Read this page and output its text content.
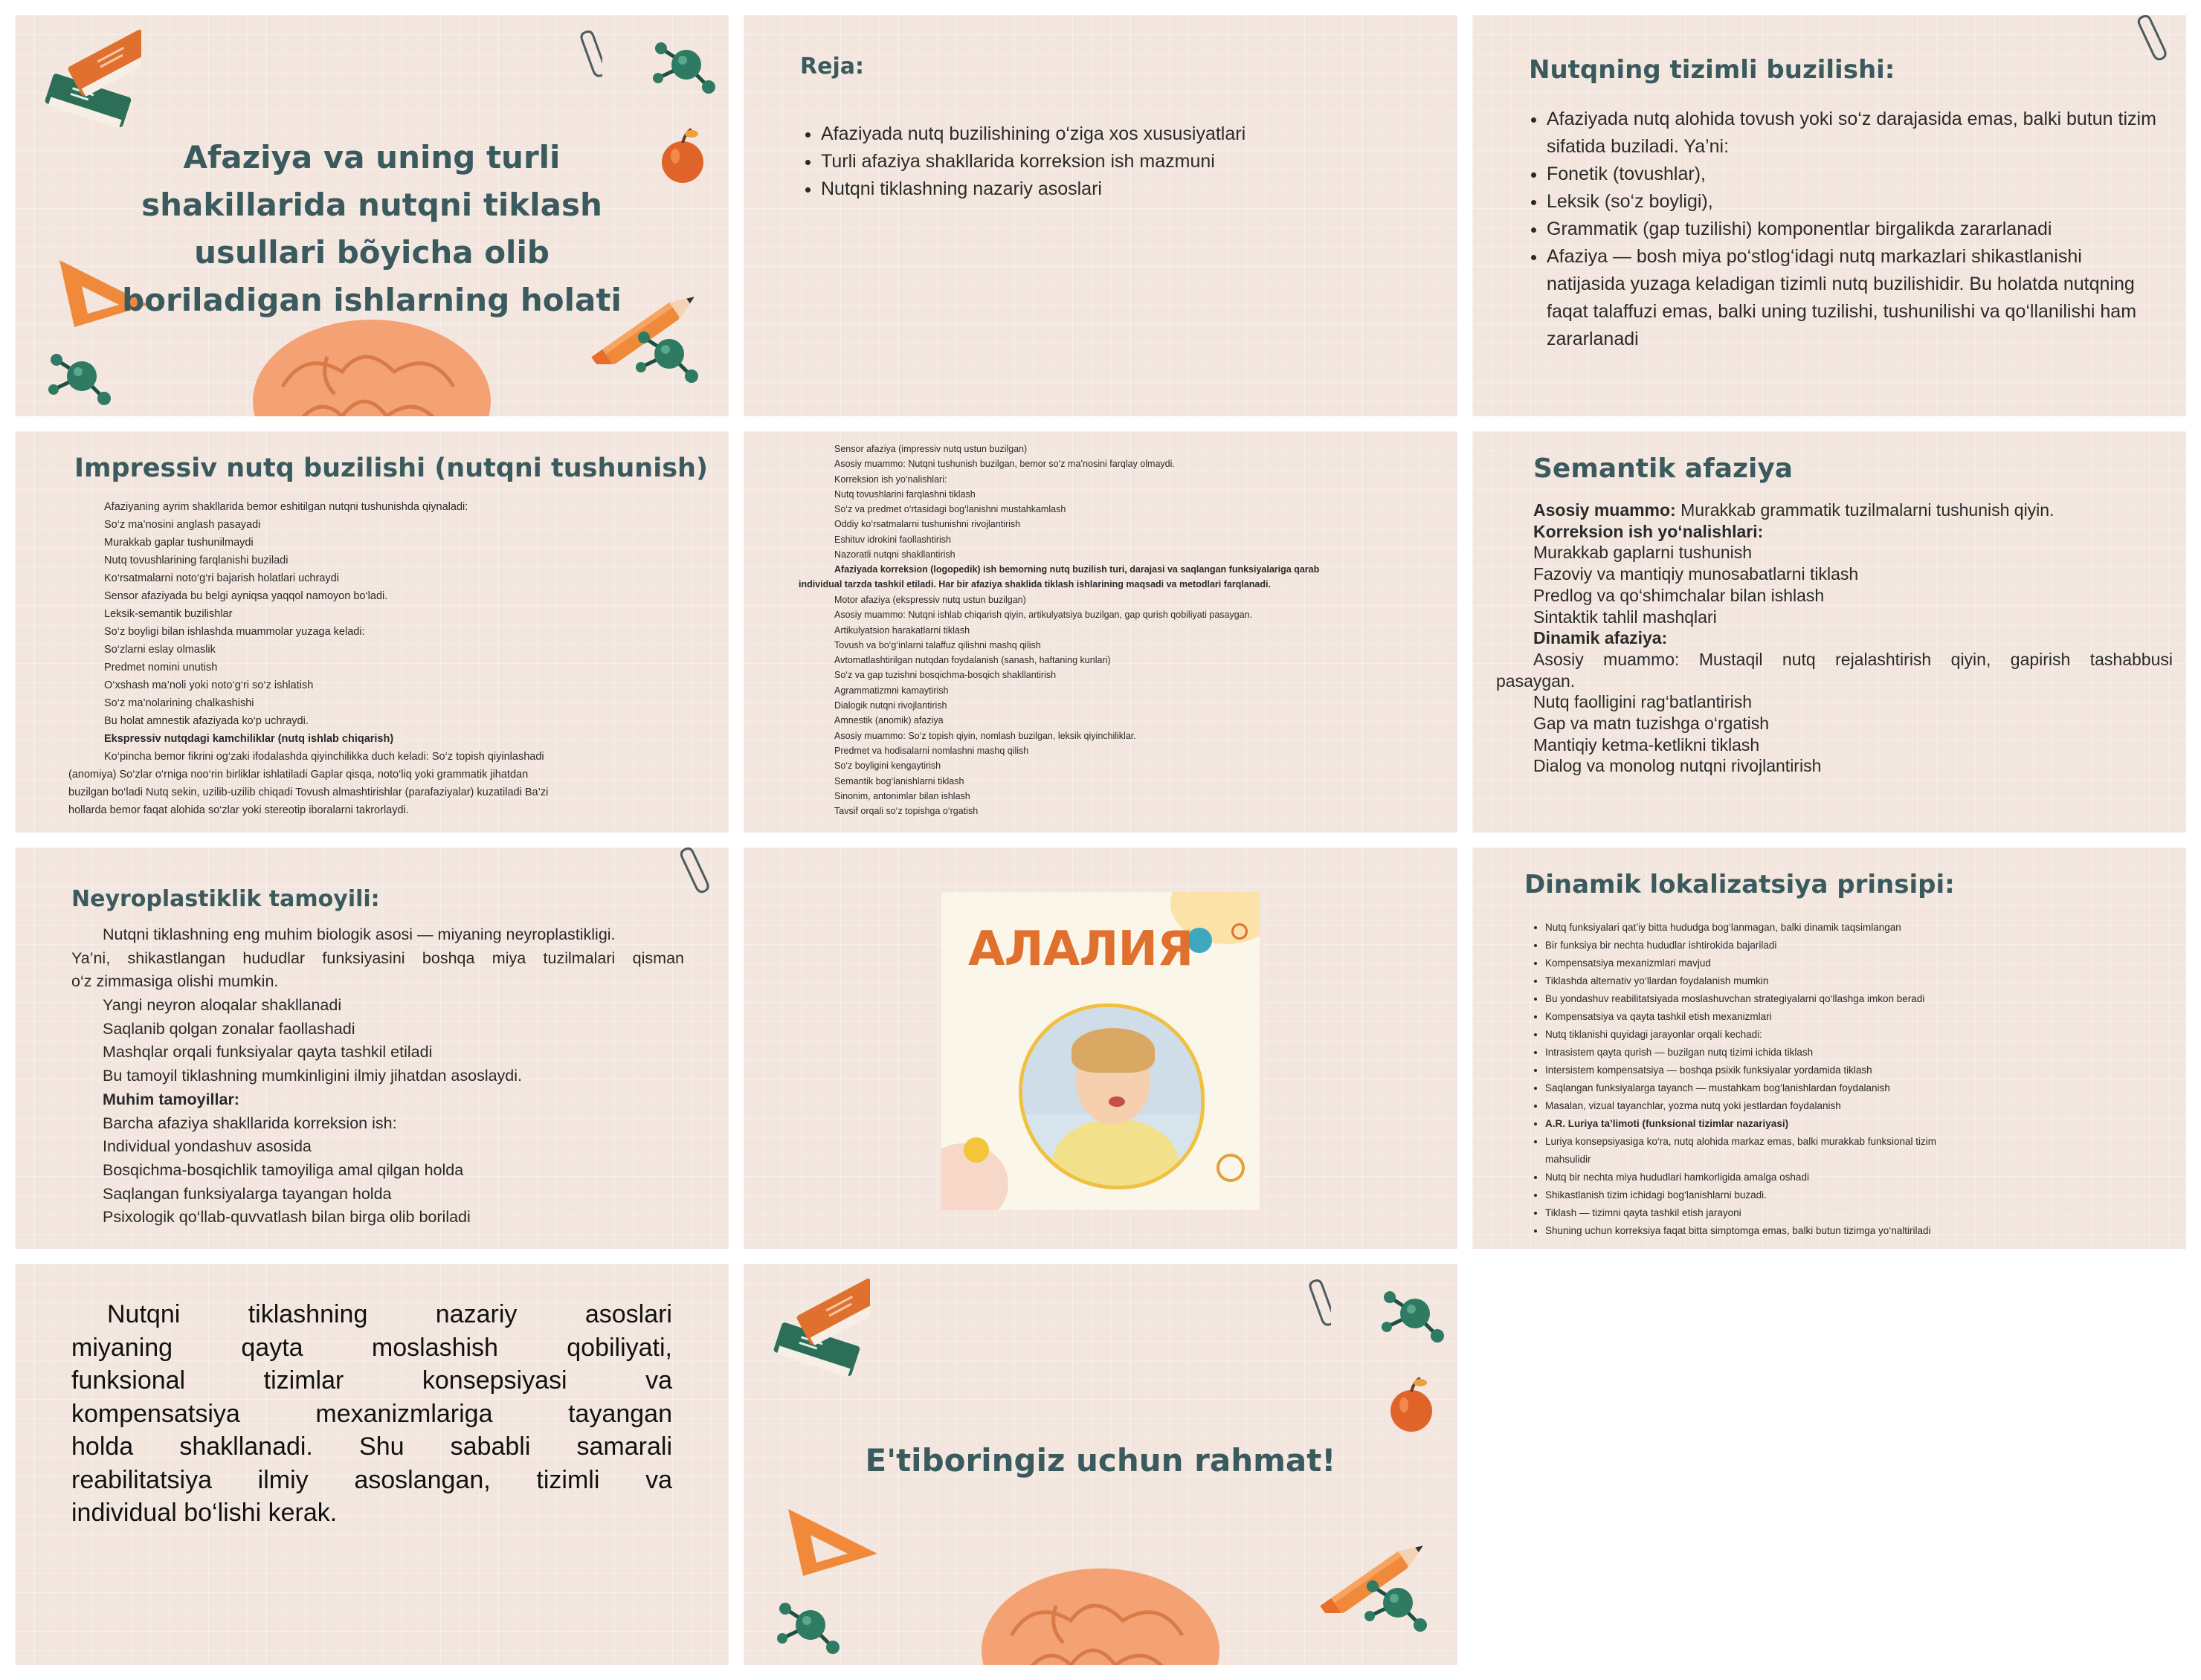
Afaziya va uning turli
shakillarida nutqni tiklash
usullari bõyicha olib
boriladigan ishlarning holati
Reja:
• Afaziyada nutq buzilishining o‘ziga xos xususiyatlari
• Turli afaziya shakllarida korreksion ish mazmuni
• Nutqni tiklashning nazariy asoslari
Nutqning tizimli buzilishi:
• Afaziyada nutq alohida tovush yoki so‘z darajasida emas, balki butun tizim sifatida buziladi. Ya’ni:
• Fonetik (tovushlar),
• Leksik (so‘z boyligi),
• Grammatik (gap tuzilishi) komponentlar birgalikda zararlanadi
• Afaziya — bosh miya po‘stlog‘idagi nutq markazlari shikastlanishi natijasida yuzaga keladigan tizimli nutq buzilishidir. Bu holatda nutqning faqat talaffuzi emas, balki uning tuzilishi, tushunilishi va qo‘llanilishi ham zararlanadi
Impressiv nutq buzilishi (nutqni tushunish)
Afaziyaning ayrim shakllarida bemor eshitilgan nutqni tushunishda qiynaladi:
So‘z ma’nosini anglash pasayadi
Murakkab gaplar tushunilmaydi
Nutq tovushlarining farqlanishi buziladi
Ko‘rsatmalarni noto‘g‘ri bajarish holatlari uchraydi
Sensor afaziyada bu belgi ayniqsa yaqqol namoyon bo‘ladi.
Leksik-semantik buzilishlar
So‘z boyligi bilan ishlashda muammolar yuzaga keladi:
So‘zlarni eslay olmaslik
Predmet nomini unutish
O‘xshash ma’noli yoki noto‘g‘ri so‘z ishlatish
So‘z ma’nolarining chalkashishi
Bu holat amnestik afaziyada ko‘p uchraydi.
Ekspressiv nutqdagi kamchiliklar (nutq ishlab chiqarish)
Ko‘pincha bemor fikrini og‘zaki ifodalashda qiyinchilikka duch keladi: So‘z topish qiyinlashadi
(anomiya) So‘zlar o‘rniga noo‘rin birliklar ishlatiladi Gaplar qisqa, noto‘liq yoki grammatik jihatdan
buzilgan bo‘ladi Nutq sekin, uzilib-uzilib chiqadi Tovush almashtirishlar (parafaziyalar) kuzatiladi Ba’zi
hollarda bemor faqat alohida so‘zlar yoki stereotip iboralarni takrorlaydi.
Sensor afaziya (impressiv nutq ustun buzilgan)
Asosiy muammo: Nutqni tushunish buzilgan, bemor so‘z ma’nosini farqlay olmaydi.
Korreksion ish yo‘nalishlari:
Nutq tovushlarini farqlashni tiklash
So‘z va predmet o‘rtasidagi bog‘lanishni mustahkamlash
Oddiy ko‘rsatmalarni tushunishni rivojlantirish
Eshituv idrokini faollashtirish
Nazoratli nutqni shakllantirish
Afaziyada korreksion (logopedik) ish bemorning nutq buzilish turi, darajasi va saqlangan funksiyalariga qarab
individual tarzda tashkil etiladi. Har bir afaziya shaklida tiklash ishlarining maqsadi va metodlari farqlanadi.
Motor afaziya (ekspressiv nutq ustun buzilgan)
Asosiy muammo: Nutqni ishlab chiqarish qiyin, artikulyatsiya buzilgan, gap qurish qobiliyati pasaygan.
Artikulyatsion harakatlarni tiklash
Tovush va bo‘g‘inlarni talaffuz qilishni mashq qilish
Avtomatlashtirilgan nutqdan foydalanish (sanash, haftaning kunlari)
So‘z va gap tuzishni bosqichma-bosqich shakllantirish
Agrammatizmni kamaytirish
Dialogik nutqni rivojlantirish
Amnestik (anomik) afaziya
Asosiy muammo: So‘z topish qiyin, nomlash buzilgan, leksik qiyinchiliklar.
Predmet va hodisalarni nomlashni mashq qilish
So‘z boyligini kengaytirish
Semantik bog‘lanishlarni tiklash
Sinonim, antonimlar bilan ishlash
Tavsif orqali so‘z topishga o‘rgatish
Semantik afaziya
Asosiy muammo: Murakkab grammatik tuzilmalarni tushunish qiyin.
Korreksion ish yo‘nalishlari:
Murakkab gaplarni tushunish
Fazoviy va mantiqiy munosabatlarni tiklash
Predlog va qo‘shimchalar bilan ishlash
Sintaktik tahlil mashqlari
Dinamik afaziya:
Asosiy muammo: Mustaqil nutq rejalashtirish qiyin, gapirish tashabbusi
pasaygan.
Nutq faolligini rag‘batlantirish
Gap va matn tuzishga o‘rgatish
Mantiqiy ketma-ketlikni tiklash
Dialog va monolog nutqni rivojlantirish
Neyroplastiklik tamoyili:
Nutqni tiklashning eng muhim biologik asosi — miyaning neyroplastikligi.
Ya’ni, shikastlangan hududlar funksiyasini boshqa miya tuzilmalari qisman
o‘z zimmasiga olishi mumkin.
Yangi neyron aloqalar shakllanadi
Saqlanib qolgan zonalar faollashadi
Mashqlar orqali funksiyalar qayta tashkil etiladi
Bu tamoyil tiklashning mumkinligini ilmiy jihatdan asoslaydi.
Muhim tamoyillar:
Barcha afaziya shakllarida korreksion ish:
Individual yondashuv asosida
Bosqichma-bosqichlik tamoyiliga amal qilgan holda
Saqlangan funksiyalarga tayangan holda
Psixologik qo‘llab-quvvatlash bilan birga olib boriladi
АЛАЛИЯ
Dinamik lokalizatsiya prinsipi:
• Nutq funksiyalari qat’iy bitta hududga bog‘lanmagan, balki dinamik taqsimlangan
• Bir funksiya bir nechta hududlar ishtirokida bajariladi
• Kompensatsiya mexanizmlari mavjud
• Tiklashda alternativ yo‘llardan foydalanish mumkin
• Bu yondashuv reabilitatsiyada moslashuvchan strategiyalarni qo‘llashga imkon beradi
• Kompensatsiya va qayta tashkil etish mexanizmlari
• Nutq tiklanishi quyidagi jarayonlar orqali kechadi:
• Intrasistem qayta qurish — buzilgan nutq tizimi ichida tiklash
• Intersistem kompensatsiya — boshqa psixik funksiyalar yordamida tiklash
• Saqlangan funksiyalarga tayanch — mustahkam bog‘lanishlardan foydalanish
• Masalan, vizual tayanchlar, yozma nutq yoki jestlardan foydalanish
• A.R. Luriya ta’limoti (funksional tizimlar nazariyasi)
• Luriya konsepsiyasiga ko‘ra, nutq alohida markaz emas, balki murakkab funksional tizim
mahsulidir
• Nutq bir nechta miya hududlari hamkorligida amalga oshadi
• Shikastlanish tizim ichidagi bog‘lanishlarni buzadi.
• Tiklash — tizimni qayta tashkil etish jarayoni
• Shuning uchun korreksiya faqat bitta simptomga emas, balki butun tizimga yo‘naltiriladi
Nutqni tiklashning nazariy asoslari
miyaning qayta moslashish qobiliyati,
funksional tizimlar konsepsiyasi va
kompensatsiya mexanizmlariga tayangan
holda shakllanadi. Shu sababli samarali
reabilitatsiya ilmiy asoslangan, tizimli va
individual bo‘lishi kerak.
E'tiboringiz uchun rahmat!
